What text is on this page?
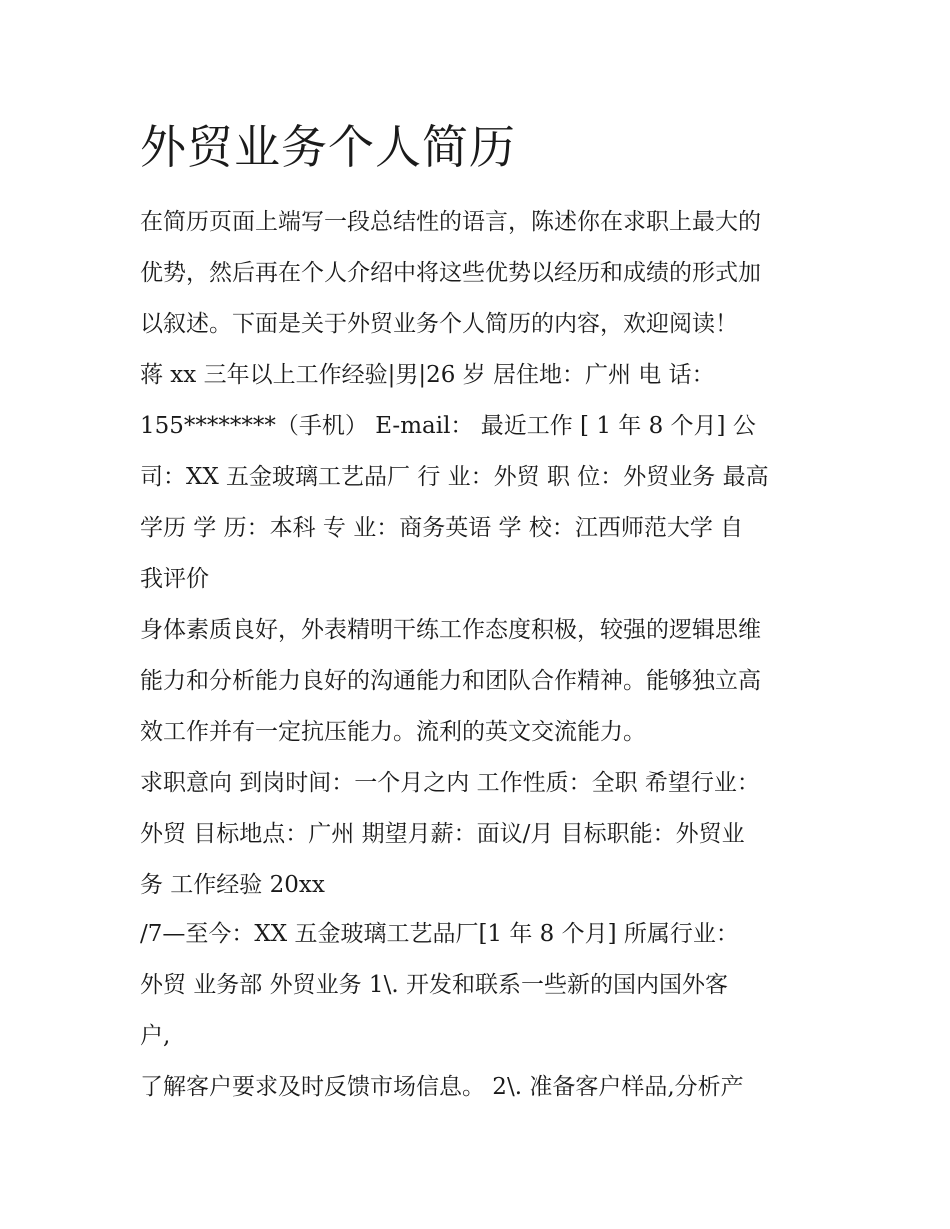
外贸业务个人简历

在简历页面上端写一段总结性的语言，陈述你在求职上最大的

优势，然后再在个人介绍中将这些优势以经历和成绩的形式加

以叙述。下面是关于外贸业务个人简历的内容，欢迎阅读！

蒋 xx 三年以上工作经验|男|26 岁 居住地：广州 电 话：

155********（手机） E-mail： 最近工作 [ 1 年 8 个月] 公

司：XX 五金玻璃工艺品厂 行 业：外贸 职 位：外贸业务 最高

学历 学 历：本科 专 业：商务英语 学 校：江西师范大学 自

我评价

身体素质良好，外表精明干练工作态度积极，较强的逻辑思维

能力和分析能力良好的沟通能力和团队合作精神。能够独立高

效工作并有一定抗压能力。流利的英文交流能力。

求职意向 到岗时间：一个月之内 工作性质：全职 希望行业：

外贸 目标地点：广州 期望月薪：面议/月 目标职能：外贸业

务 工作经验 20xx

/7—至今：XX 五金玻璃工艺品厂[1 年 8 个月] 所属行业：

外贸 业务部 外贸业务 1\. 开发和联系一些新的国内国外客

户,

了解客户要求及时反馈市场信息。 2\. 准备客户样品,分析产
